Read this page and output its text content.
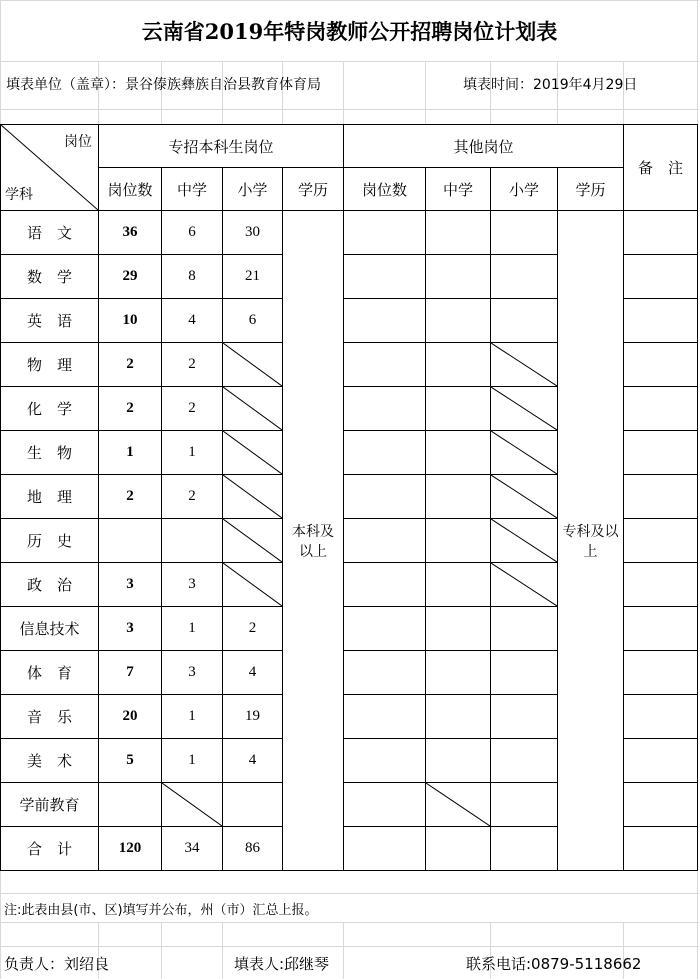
云南省2019年特岗教师公开招聘岗位计划表
填表单位（盖章）：景谷傣族彝族自治县教育体育局	填表时间：2019年4月29日
岗位
学科	专招本科生岗位				其他岗位				备　注
	岗位数	中学	小学	学历	岗位数	中学	小学	学历	
语　文	36	6	30	本科及以上				专科及以上	
数　学	29	8	21						
英　语	10	4	6						
物　理	2	2	

化　学	2	2	

生　物	1	1	

地　理	2	2	

历　史			

政　治	3	3	

信息技术	3	1	2						
体　育	7	3	4						
音　乐	20	1	19						
美　术	5	1	4						
学前教育		

合　计	120	34	86						
注:此表由县(市、区)填写并公布，州（市）汇总上报。
负责人：刘绍良	填表人:邱继琴	联系电话:0879-5118662
